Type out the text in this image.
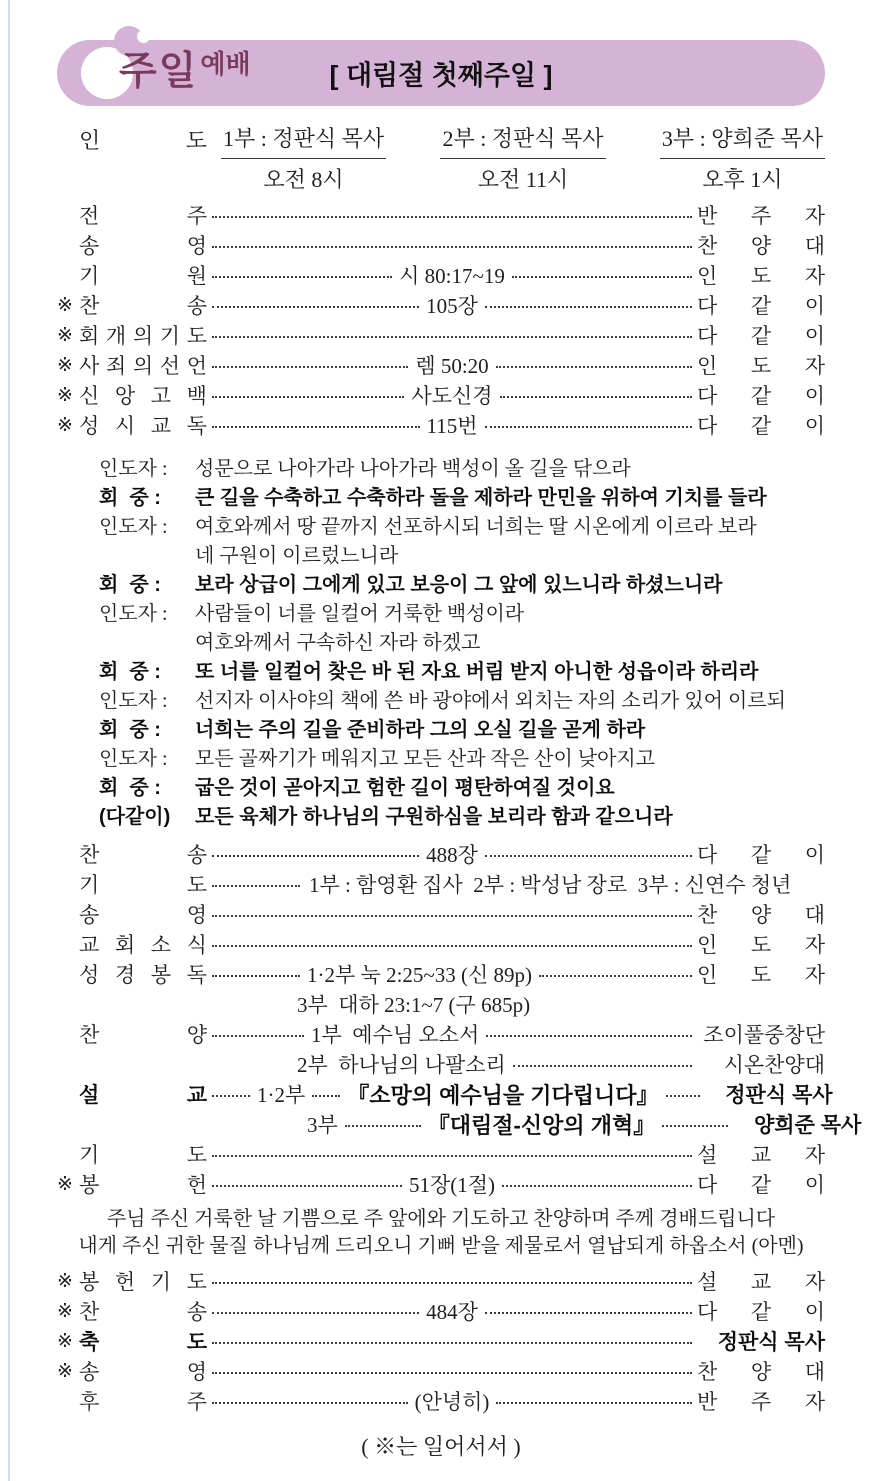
주일 예배	[ 대림절 첫째주일 ]
인	도 1부 : 정판식 목사
오전 8시
2부 : 정판식 목사
오전 11시
3부 : 양희준 목사
오후 1시
전	주	반 주 자
송	영	찬 양 대
기	원	시 80:17~19	인 도 자
※ 찬	송	105장	다 같 이
※ 회 개 의 기 도	다 같 이
※ 사 죄 의 선 언	렘 50:20	인 도 자
※ 신 앙 고 백	사도신경	다 같 이
※ 성 시 교 독	115번	다 같 이
인도자 :	성문으로 나아가라 나아가라 백성이 올 길을 닦으라
회  중 :	큰 길을 수축하고 수축하라 돌을 제하라 만민을 위하여 기치를 들라
인도자 :	여호와께서 땅 끝까지 선포하시되 너희는 딸 시온에게 이르라 보라
네 구원이 이르렀느니라
회  중 :	보라 상급이 그에게 있고 보응이 그 앞에 있느니라 하셨느니라
인도자 :	사람들이 너를 일컬어 거룩한 백성이라
여호와께서 구속하신 자라 하겠고
회  중 :	또 너를 일컬어 찾은 바 된 자요 버림 받지 아니한 성읍이라 하리라
인도자 :	선지자 이사야의 책에 쓴 바 광야에서 외치는 자의 소리가 있어 이르되
회  중 :	너희는 주의 길을 준비하라 그의 오실 길을 곧게 하라
인도자 :	모든 골짜기가 메워지고 모든 산과 작은 산이 낮아지고
회  중 :	굽은 것이 곧아지고 험한 길이 평탄하여질 것이요
(다같이)	모든 육체가 하나님의 구원하심을 보리라 함과 같으니라
찬	송	488장	다 같 이
기	도	1부 : 함영환 집사  2부 : 박성남 장로  3부 : 신연수 청년
송	영	찬 양 대
교 회 소 식	인 도 자
성 경 봉 독	1·2부 눅 2:25~33 (신 89p)	인 도 자
3부  대하 23:1~7 (구 685p)
찬	양	1부  예수님 오소서	조이풀중창단
2부  하나님의 나팔소리	시온찬양대
설	교 1·2부 『소망의 예수님을 기다립니다』	정판식 목사
3부	『대림절-신앙의 개혁』	양희준 목사
기	도	설 교 자
※ 봉	헌	51장(1절)	다 같 이
주님 주신 거룩한 날 기쁨으로 주 앞에와 기도하고 찬양하며 주께 경배드립니다
내게 주신 귀한 물질 하나님께 드리오니 기뻐 받을 제물로서 열납되게 하옵소서 (아멘)
※ 봉 헌 기 도	설 교 자
※ 찬	송	484장	다 같 이
※ 축	도	정판식 목사
※ 송	영	찬 양 대
후	주	(안녕히)	반 주 자
( ※는 일어서서 )
